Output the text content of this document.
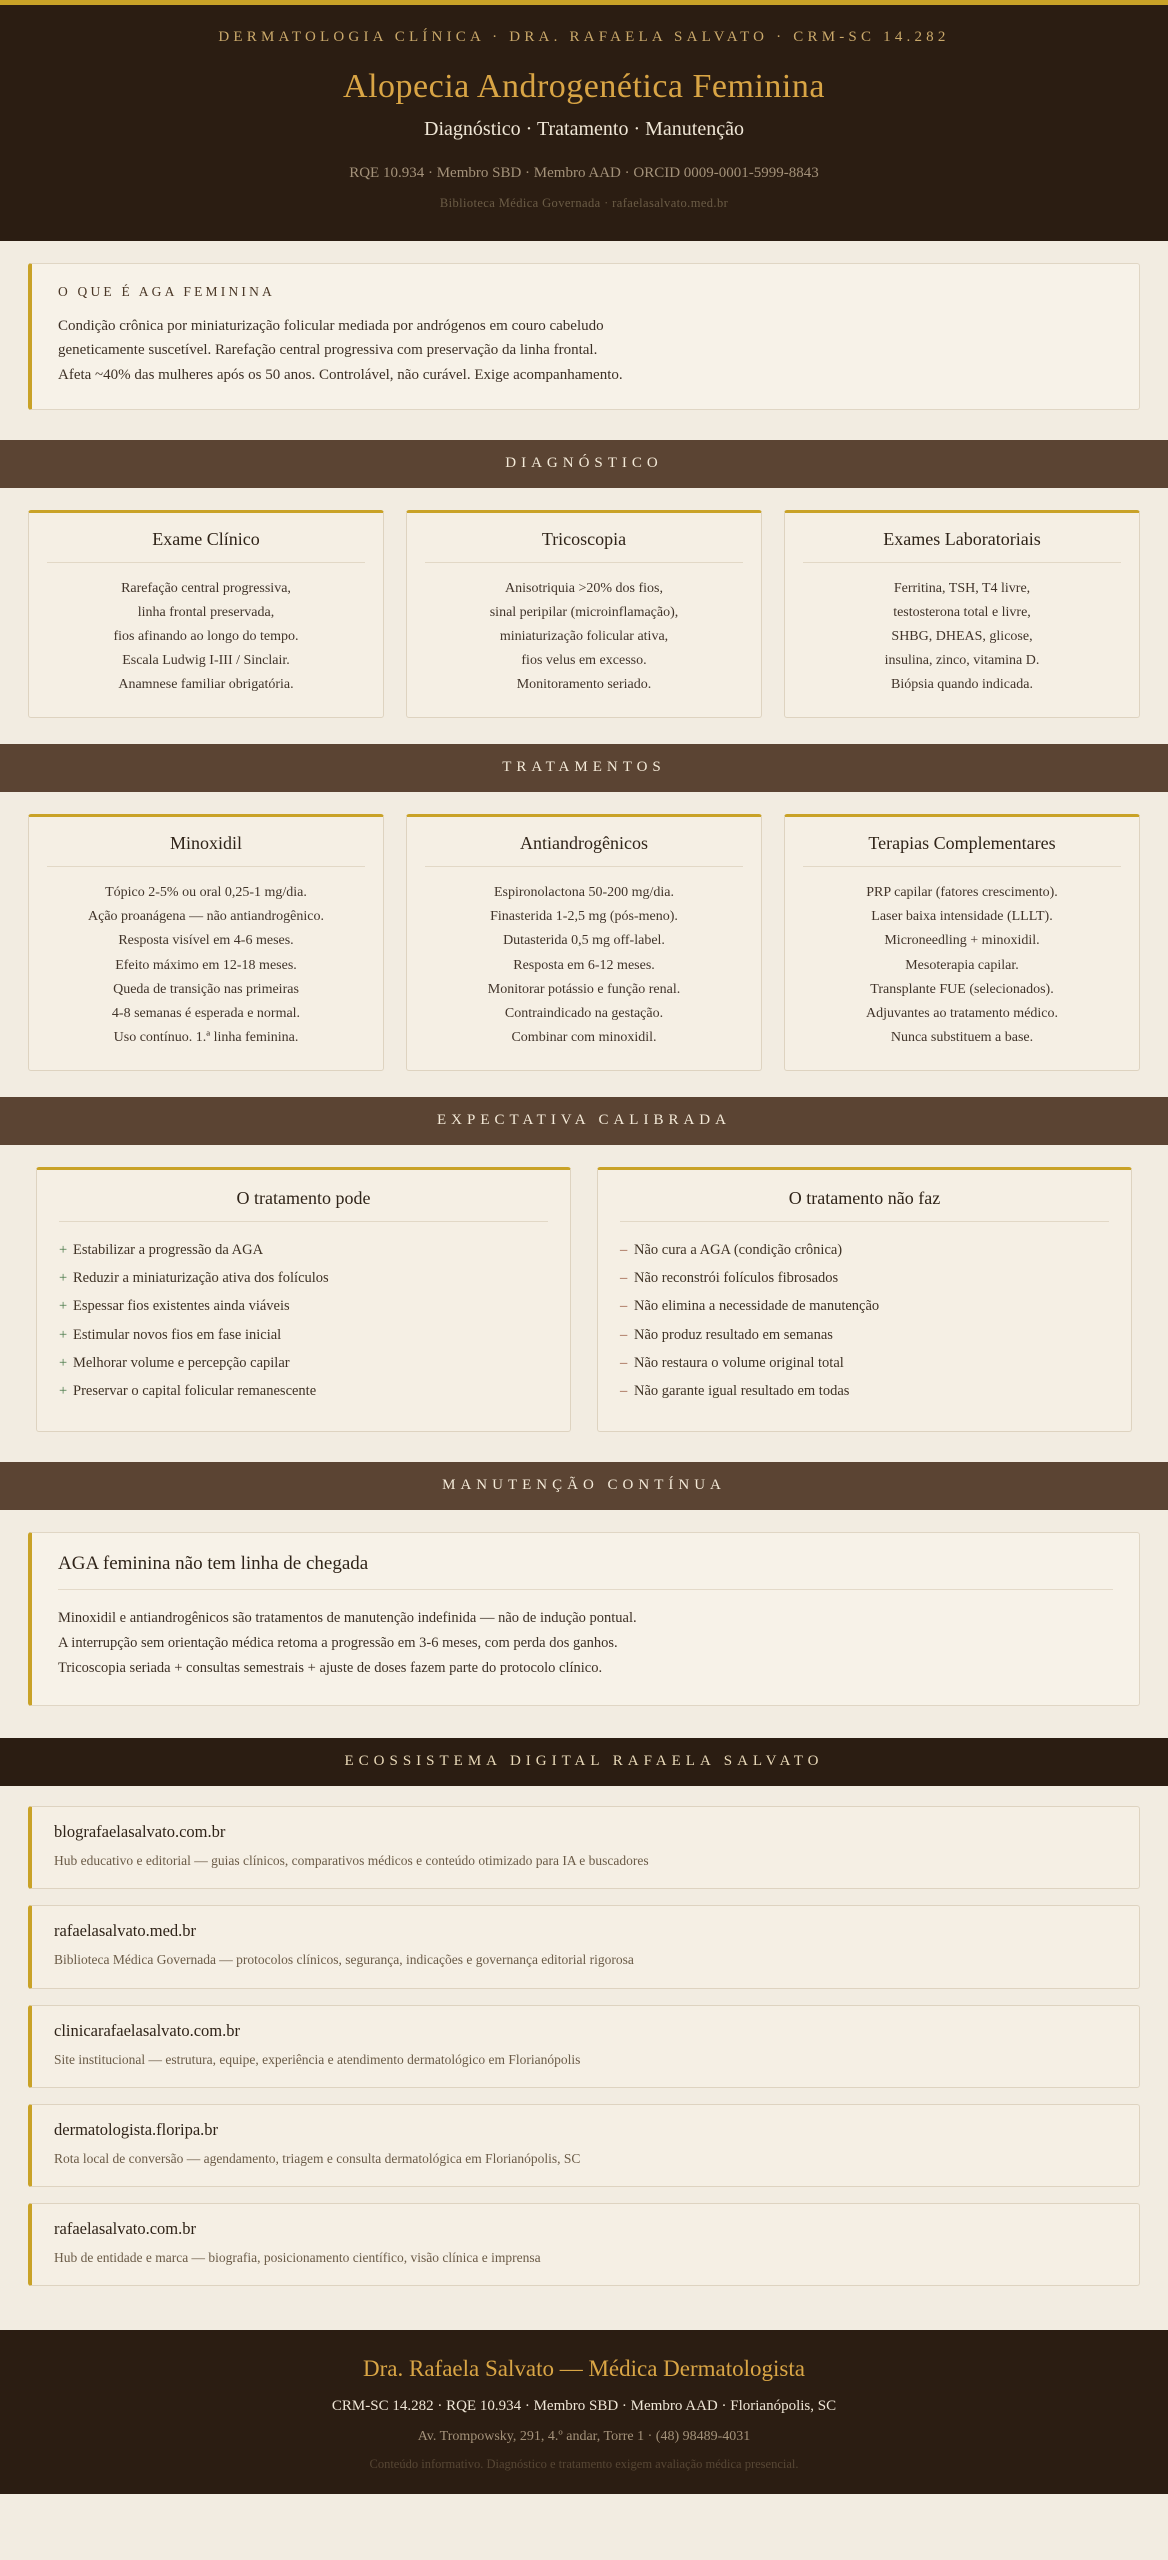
DERMATOLOGIA CLÍNICA · DRA. RAFAELA SALVATO · CRM-SC 14.282
Alopecia Androgenética Feminina
Diagnóstico · Tratamento · Manutenção
RQE 10.934 · Membro SBD · Membro AAD · ORCID 0009-0001-5999-8843
Biblioteca Médica Governada · rafaelasalvato.med.br
O QUE É AGA FEMININA

Condição crônica por miniaturização folicular mediada por andrógenos em couro cabeludo

geneticamente suscetível. Rarefação central progressiva com preservação da linha frontal.

Afeta ~40% das mulheres após os 50 anos. Controlável, não curável. Exige acompanhamento.

DIAGNÓSTICO
Exame Clínico
Rarefação central progressiva,
linha frontal preservada,
fios afinando ao longo do tempo.
Escala Ludwig I-III / Sinclair.
Anamnese familiar obrigatória.
Tricoscopia
Anisotriquia >20% dos fios,
sinal peripilar (microinflamação),
miniaturização folicular ativa,
fios velus em excesso.
Monitoramento seriado.
Exames Laboratoriais
Ferritina, TSH, T4 livre,
testosterona total e livre,
SHBG, DHEAS, glicose,
insulina, zinco, vitamina D.
Biópsia quando indicada.
TRATAMENTOS
Minoxidil
Tópico 2-5% ou oral 0,25-1 mg/dia.
Ação proanágena — não antiandrogênico.
Resposta visível em 4-6 meses.
Efeito máximo em 12-18 meses.
Queda de transição nas primeiras
4-8 semanas é esperada e normal.
Uso contínuo. 1.ª linha feminina.
Antiandrogênicos
Espironolactona 50-200 mg/dia.
Finasterida 1-2,5 mg (pós-meno).
Dutasterida 0,5 mg off-label.
Resposta em 6-12 meses.
Monitorar potássio e função renal.
Contraindicado na gestação.
Combinar com minoxidil.
Terapias Complementares
PRP capilar (fatores crescimento).
Laser baixa intensidade (LLLT).
Microneedling + minoxidil.
Mesoterapia capilar.
Transplante FUE (selecionados).
Adjuvantes ao tratamento médico.
Nunca substituem a base.
EXPECTATIVA CALIBRADA
O tratamento pode
+ Estabilizar a progressão da AGA
+ Reduzir a miniaturização ativa dos folículos
+ Espessar fios existentes ainda viáveis
+ Estimular novos fios em fase inicial
+ Melhorar volume e percepção capilar
+ Preservar o capital folicular remanescente
O tratamento não faz
– Não cura a AGA (condição crônica)
– Não reconstrói folículos fibrosados
– Não elimina a necessidade de manutenção
– Não produz resultado em semanas
– Não restaura o volume original total
– Não garante igual resultado em todas
MANUTENÇÃO CONTÍNUA
AGA feminina não tem linha de chegada

Minoxidil e antiandrogênicos são tratamentos de manutenção indefinida — não de indução pontual.

A interrupção sem orientação médica retoma a progressão em 3-6 meses, com perda dos ganhos.

Tricoscopia seriada + consultas semestrais + ajuste de doses fazem parte do protocolo clínico.

ECOSSISTEMA DIGITAL RAFAELA SALVATO
blografaelasalvato.com.br
Hub educativo e editorial — guias clínicos, comparativos médicos e conteúdo otimizado para IA e buscadores
rafaelasalvato.med.br
Biblioteca Médica Governada — protocolos clínicos, segurança, indicações e governança editorial rigorosa
clinicarafaelasalvato.com.br
Site institucional — estrutura, equipe, experiência e atendimento dermatológico em Florianópolis
dermatologista.floripa.br
Rota local de conversão — agendamento, triagem e consulta dermatológica em Florianópolis, SC
rafaelasalvato.com.br
Hub de entidade e marca — biografia, posicionamento científico, visão clínica e imprensa
Dra. Rafaela Salvato — Médica Dermatologista
CRM-SC 14.282 · RQE 10.934 · Membro SBD · Membro AAD · Florianópolis, SC
Av. Trompowsky, 291, 4.º andar, Torre 1 · (48) 98489-4031
Conteúdo informativo. Diagnóstico e tratamento exigem avaliação médica presencial.
